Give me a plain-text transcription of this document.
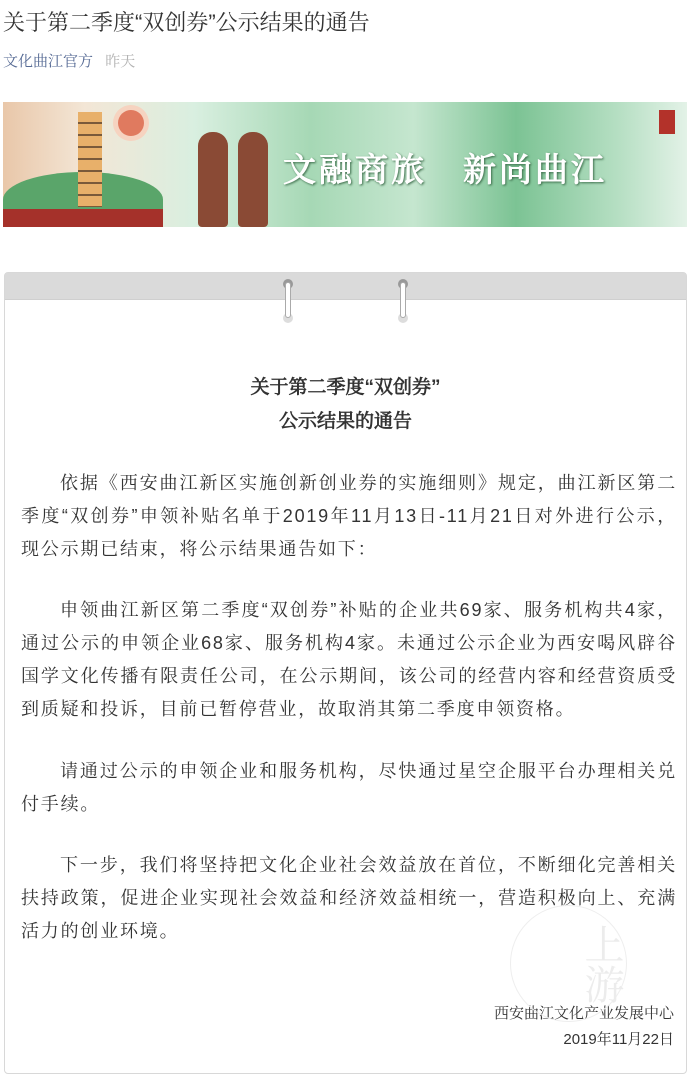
关于第二季度“双创券”公示结果的通告
文化曲江官方 昨天
文融商旅 新尚曲江
关于第二季度“双创券”
公示结果的通告
依据《西安曲江新区实施创新创业券的实施细则》规定，曲江新区第二季度“双创券”申领补贴名单于2019年11月13日-11月21日对外进行公示，现公示期已结束，将公示结果通告如下：
申领曲江新区第二季度“双创券”补贴的企业共69家、服务机构共4家，通过公示的申领企业68家、服务机构4家。未通过公示企业为西安喝风辟谷国学文化传播有限责任公司，在公示期间，该公司的经营内容和经营资质受到质疑和投诉，目前已暂停营业，故取消其第二季度申领资格。
请通过公示的申领企业和服务机构，尽快通过星空企服平台办理相关兑付手续。
下一步，我们将坚持把文化企业社会效益放在首位，不断细化完善相关扶持政策，促进企业实现社会效益和经济效益相统一，营造积极向上、充满活力的创业环境。
西安曲江文化产业发展中心
2019年11月22日
上游
